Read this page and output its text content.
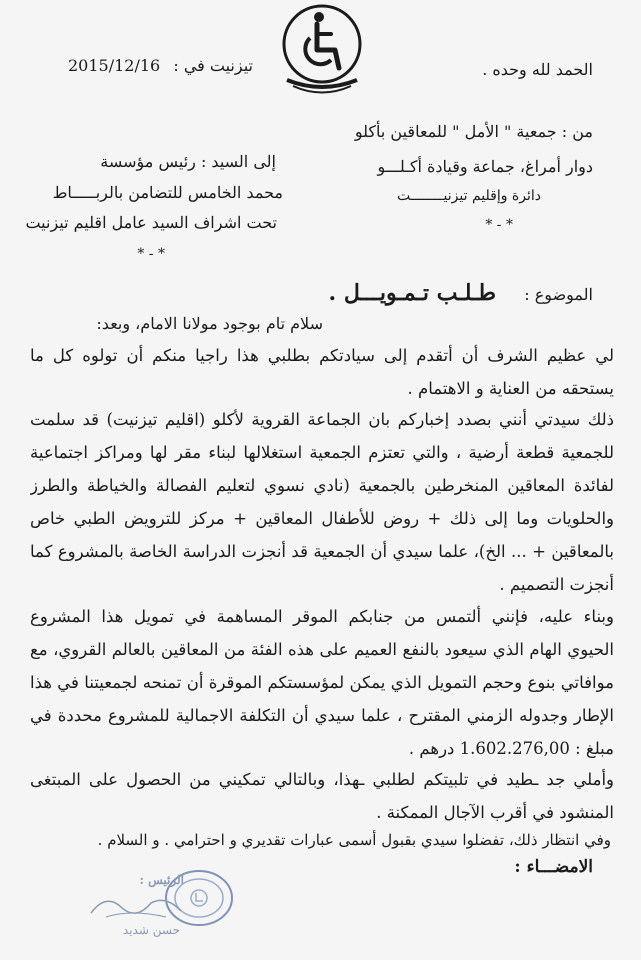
الحمد لله وحده .
تيزنيت في :
2015/12/16
من : جمعية " الأمل " للمعاقين بأكلو
دوار أمراغ، جماعة وقيادة أكـلـــو
دائرة وإقليم تيزنيــــــــت
* - *
إلى السيد : رئيس مؤسسة
محمد الخامس للتضامن بالربـــــاط
تحت اشراف السيد عامل اقليم تيزنيت
* - *
الموضوع :
طـلـب تـمـويـــل .
سلام تام بوجود مولانا الامام، وبعد:
لي عظيم الشرف أن أتقدم إلى سيادتكم بطلبي هذا راجيا منكم أن تولوه كل ما
يستحقه من العناية و الاهتمام .
ذلك سيدتي أنني بصدد إخباركم بان الجماعة القروية لأكلو (اقليم تيزنيت) قد سلمت
للجمعية قطعة أرضية ، والتي تعتزم الجمعية استغلالها لبناء مقر لها ومراكز اجتماعية
لفائدة المعاقين المنخرطين بالجمعية (نادي نسوي لتعليم الفصالة والخياطة والطرز
والحلويات وما إلى ذلك + روض للأطفال المعاقين + مركز للترويض الطبي خاص
بالمعاقين + ... الخ)، علما سيدي أن الجمعية قد أنجزت الدراسة الخاصة بالمشروع كما
أنجزت التصميم .
وبناء عليه، فإنني ألتمس من جنابكم الموقر المساهمة في تمويل هذا المشروع
الحيوي الهام الذي سيعود بالنفع العميم على هذه الفئة من المعاقين بالعالم القروي، مع
موافاتي بنوع وحجم التمويل الذي يمكن لمؤسستكم الموقرة أن تمنحه لجمعيتنا في هذا
الإطار وجدوله الزمني المقترح ، علما سيدي أن التكلفة الاجمالية للمشروع محددة في
مبلغ : 1.602.276,00 درهم .
وأملي جد ـطيد في تلبيتكم لطلبي ـهذا، وبالتالي تمكيني من الحصول على المبتغى
المنشود في أقرب الآجال الممكنة .
وفي انتظار ذلك، تفضلوا سيدي بقبول أسمى عبارات تقديري و احترامي . و السلام .
الامضـــاء :
الرئيس :
حسن شديد
